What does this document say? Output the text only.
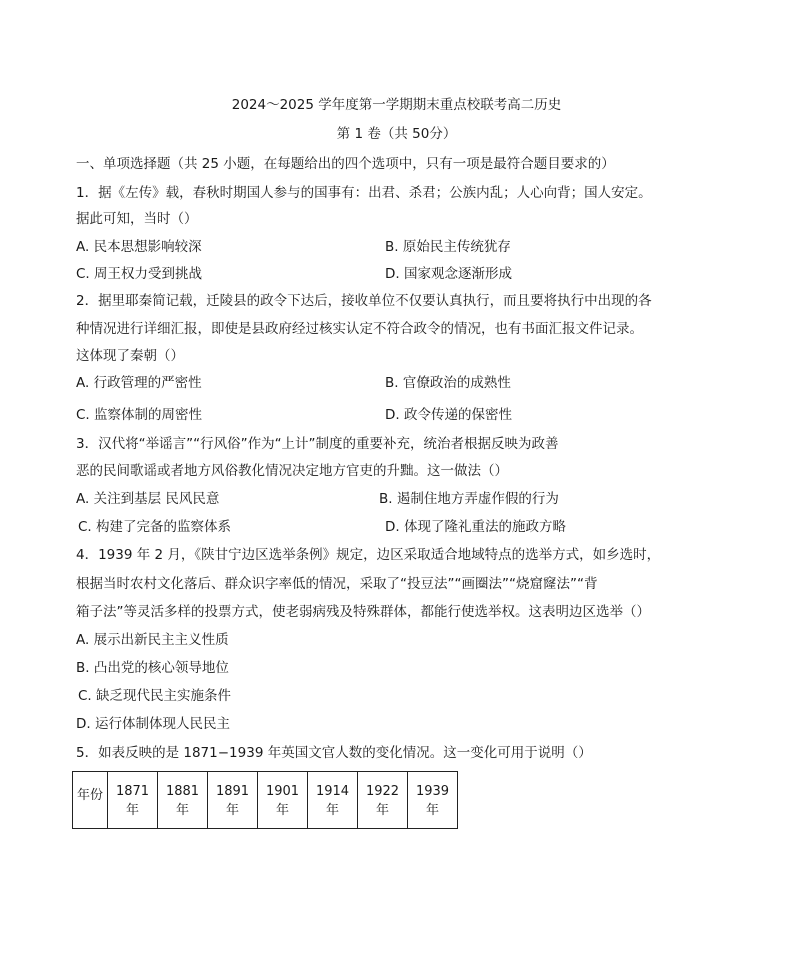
2024～2025 学年度第一学期期末重点校联考高二历史
第 1 卷（共 50分）
一、单项选择题（共 25 小题，在每题给出的四个选项中，只有一项是最符合题目要求的）
1．据《左传》载，春秋时期国人参与的国事有：出君、杀君；公族内乱；人心向背；国人安定。
据此可知，当时（）
A. 民本思想影响较深	B. 原始民主传统犹存
C. 周王权力受到挑战	D. 国家观念逐渐形成
2．据里耶秦简记载，迁陵县的政令下达后，接收单位不仅要认真执行，而且要将执行中出现的各
种情况进行详细汇报，即使是县政府经过核实认定不符合政令的情况，也有书面汇报文件记录。
这体现了秦朝（）
A. 行政管理的严密性	B. 官僚政治的成熟性
C. 监察体制的周密性	D. 政令传递的保密性
3．汉代将“举谣言”“行风俗”作为“上计”制度的重要补充，统治者根据反映为政善
恶的民间歌谣或者地方风俗教化情况决定地方官吏的升黜。这一做法（）
A. 关注到基层 民风民意	B. 遏制住地方弄虚作假的行为
C. 构建了完备的监察体系	D. 体现了隆礼重法的施政方略
4．1939 年 2 月，《陕甘宁边区选举条例》规定，边区采取适合地域特点的选举方式，如乡选时，
根据当时农村文化落后、群众识字率低的情况，采取了“投豆法”“画圈法”“烧窟窿法”“背
箱子法”等灵活多样的投票方式，使老弱病残及特殊群体，都能行使选举权。这表明边区选举（）
A. 展示出新民主主义性质
B. 凸出党的核心领导地位
C. 缺乏现代民主实施条件
D. 运行体制体现人民民主
5．如表反映的是 1871−1939 年英国文官人数的变化情况。这一变化可用于说明（）
年份	1871 年	1881 年	1891 年	1901 年	1914 年	1922 年	1939 年
